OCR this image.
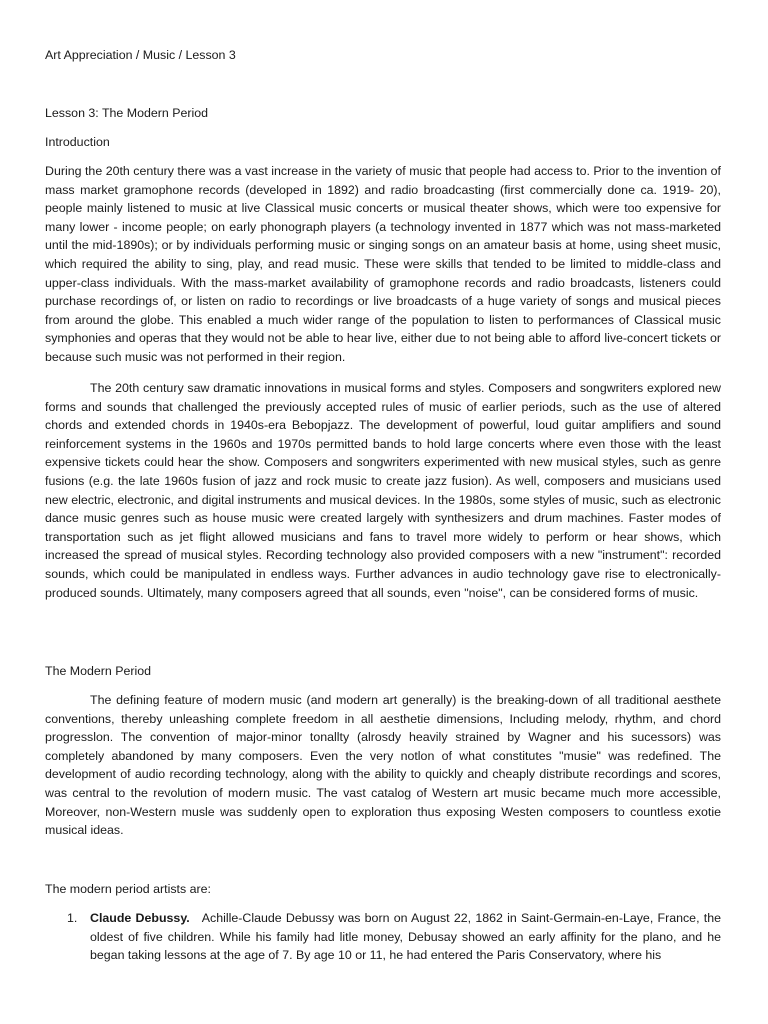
Art Appreciation / Music / Lesson 3

Lesson 3: The Modern Period

Introduction

During the 20th century there was a vast increase in the variety of music that people had access to. Prior to the invention of mass market gramophone records (developed in 1892) and radio broadcasting (first commercially done ca. 1919- 20), people mainly listened to music at live Classical music concerts or musical theater shows, which were too expensive for many lower - income people; on early phonograph players (a technology invented in 1877 which was not mass-marketed until the mid-1890s); or by individuals performing music or singing songs on an amateur basis at home, using sheet music, which required the ability to sing, play, and read music. These were skills that tended to be limited to middle-class and upper-class individuals. With the mass-market availability of gramophone records and radio broadcasts, listeners could purchase recordings of, or listen on radio to recordings or live broadcasts of a huge variety of songs and musical pieces from around the globe. This enabled a much wider range of the population to listen to performances of Classical music symphonies and operas that they would not be able to hear live, either due to not being able to afford live-concert tickets or because such music was not performed in their region.

The 20th century saw dramatic innovations in musical forms and styles. Composers and songwriters explored new forms and sounds that challenged the previously accepted rules of music of earlier periods, such as the use of altered chords and extended chords in 1940s-era Bebopjazz. The development of powerful, loud guitar amplifiers and sound reinforcement systems in the 1960s and 1970s permitted bands to hold large concerts where even those with the least expensive tickets could hear the show. Composers and songwriters experimented with new musical styles, such as genre fusions (e.g. the late 1960s fusion of jazz and rock music to create jazz fusion). As well, composers and musicians used new electric, electronic, and digital instruments and musical devices. In the 1980s, some styles of music, such as electronic dance music genres such as house music were created largely with synthesizers and drum machines. Faster modes of transportation such as jet flight allowed musicians and fans to travel more widely to perform or hear shows, which increased the spread of musical styles. Recording technology also provided composers with a new "instrument": recorded sounds, which could be manipulated in endless ways. Further advances in audio technology gave rise to electronically-produced sounds. Ultimately, many composers agreed that all sounds, even "noise", can be considered forms of music.

The Modern Period

The defining feature of modern music (and modern art generally) is the breaking-down of all traditional aesthete conventions, thereby unleashing complete freedom in all aesthetie dimensions, Including melody, rhythm, and chord progresslon. The convention of major-minor tonallty (alrosdy heavily strained by Wagner and his sucessors) was completely abandoned by many composers. Even the very notlon of what constitutes "musie" was redefined. The development of audio recording technology, along with the ability to quickly and cheaply distribute recordings and scores, was central to the revolution of modern music. The vast catalog of Western art music became much more accessible, Moreover, non-Western musle was suddenly open to exploration thus exposing Westen composers to countless exotie musical ideas.

The modern period artists are:

1. Claude Debussy. Achille-Claude Debussy was born on August 22, 1862 in Saint-Germain-en-Laye, France, the oldest of five children. While his family had litle money, Debusay showed an early affinity for the plano, and he began taking lessons at the age of 7. By age 10 or 11, he had entered the Paris Conservatory, where his
